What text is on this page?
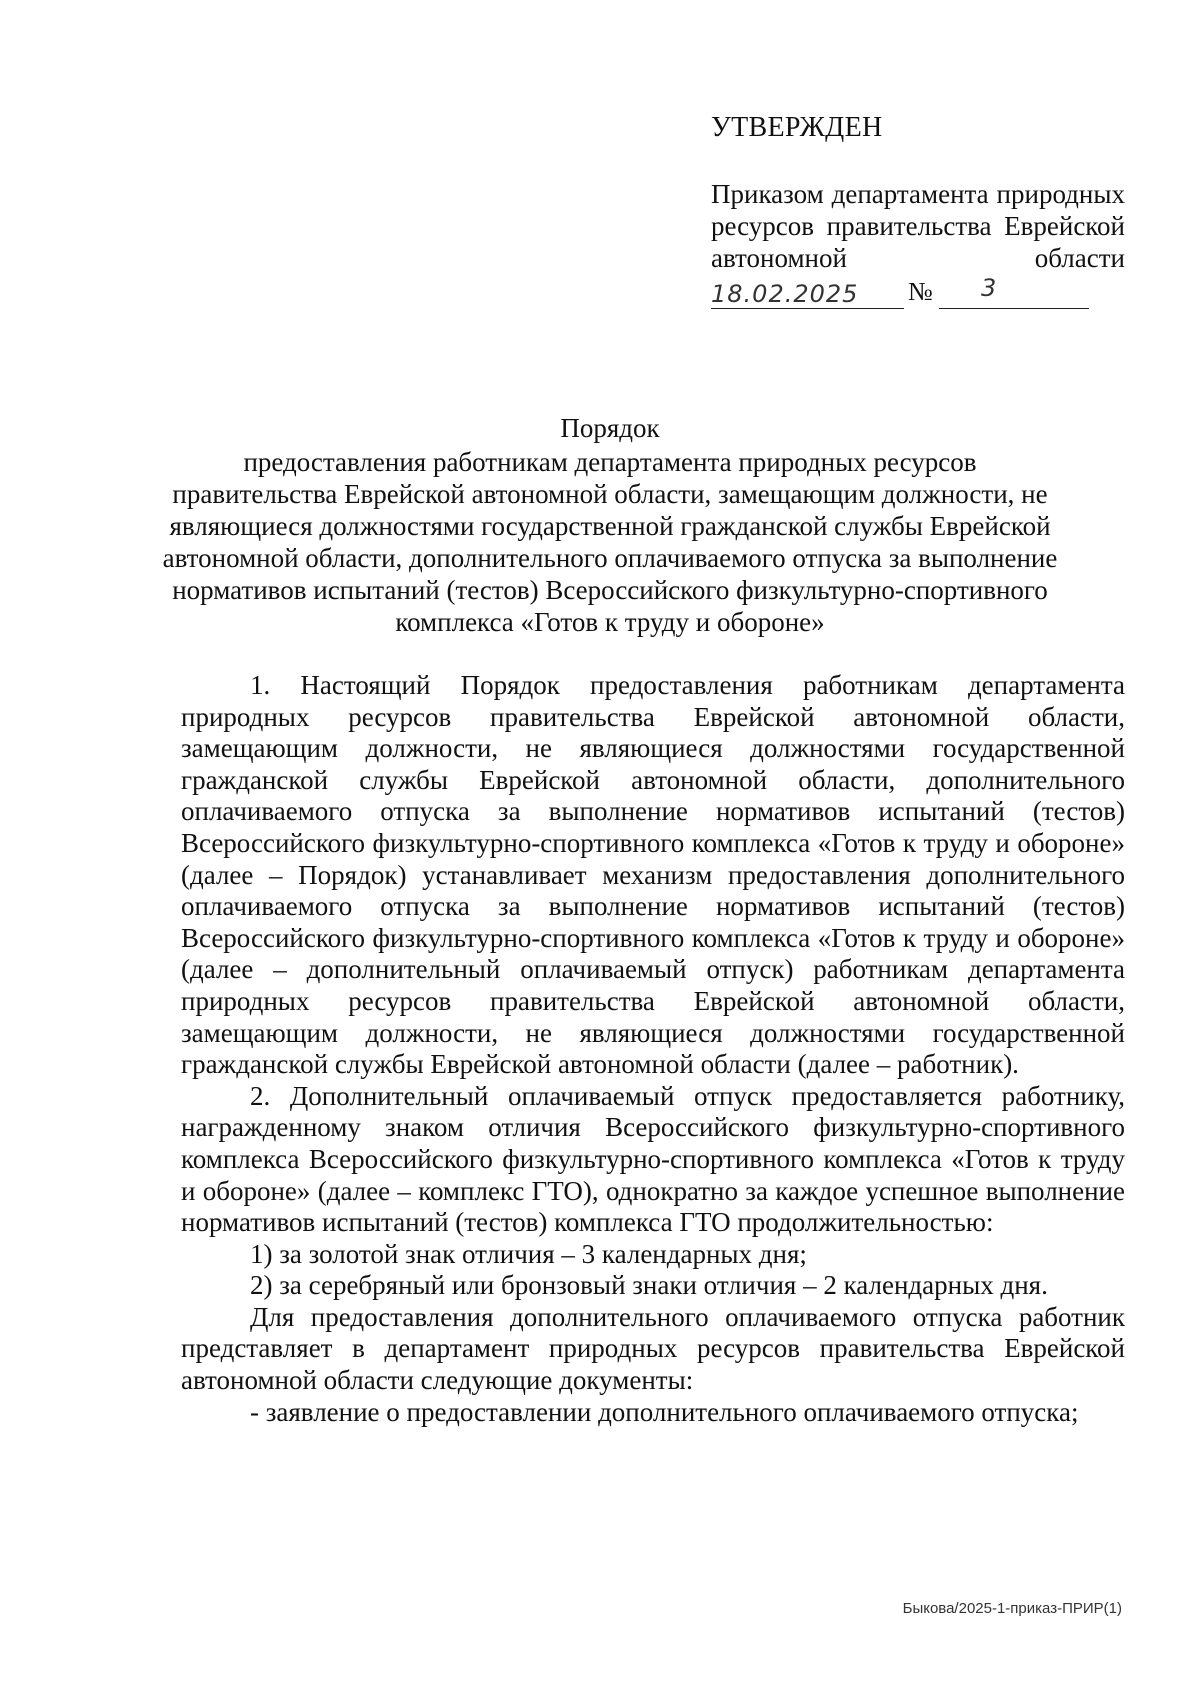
УТВЕРЖДЕН
Приказом департамента природных ресурсов правительства Еврейской
автономной области
18.02.2025 № 3
Порядок
предоставления работникам департамента природных ресурсов правительства Еврейской автономной области, замещающим должности, не являющиеся должностями государственной гражданской службы Еврейской автономной области, дополнительного оплачиваемого отпуска за выполнение нормативов испытаний (тестов) Всероссийского физкультурно-спортивного комплекса «Готов к труду и обороне»

1. Настоящий Порядок предоставления работникам департамента природных ресурсов правительства Еврейской автономной области, замещающим должности, не являющиеся должностями государственной гражданской службы Еврейской автономной области, дополнительного оплачиваемого отпуска за выполнение нормативов испытаний (тестов) Всероссийского физкультурно-спортивного комплекса «Готов к труду и обороне» (далее – Порядок) устанавливает механизм предоставления дополнительного оплачиваемого отпуска за выполнение нормативов испытаний (тестов) Всероссийского физкультурно-спортивного комплекса «Готов к труду и обороне» (далее – дополнительный оплачиваемый отпуск) работникам департамента природных ресурсов правительства Еврейской автономной области, замещающим должности, не являющиеся должностями государственной гражданской службы Еврейской автономной области (далее – работник).

2. Дополнительный оплачиваемый отпуск предоставляется работнику, награжденному знаком отличия Всероссийского физкультурно-спортивного комплекса Всероссийского физкультурно-спортивного комплекса «Готов к труду и обороне» (далее – комплекс ГТО), однократно за каждое успешное выполнение нормативов испытаний (тестов) комплекса ГТО продолжительностью:

1) за золотой знак отличия – 3 календарных дня;

2) за серебряный или бронзовый знаки отличия – 2 календарных дня.

Для предоставления дополнительного оплачиваемого отпуска работник представляет в департамент природных ресурсов правительства Еврейской автономной области следующие документы:

- заявление о предоставлении дополнительного оплачиваемого отпуска;

Быкова/2025-1-приказ-ПРИР(1)
